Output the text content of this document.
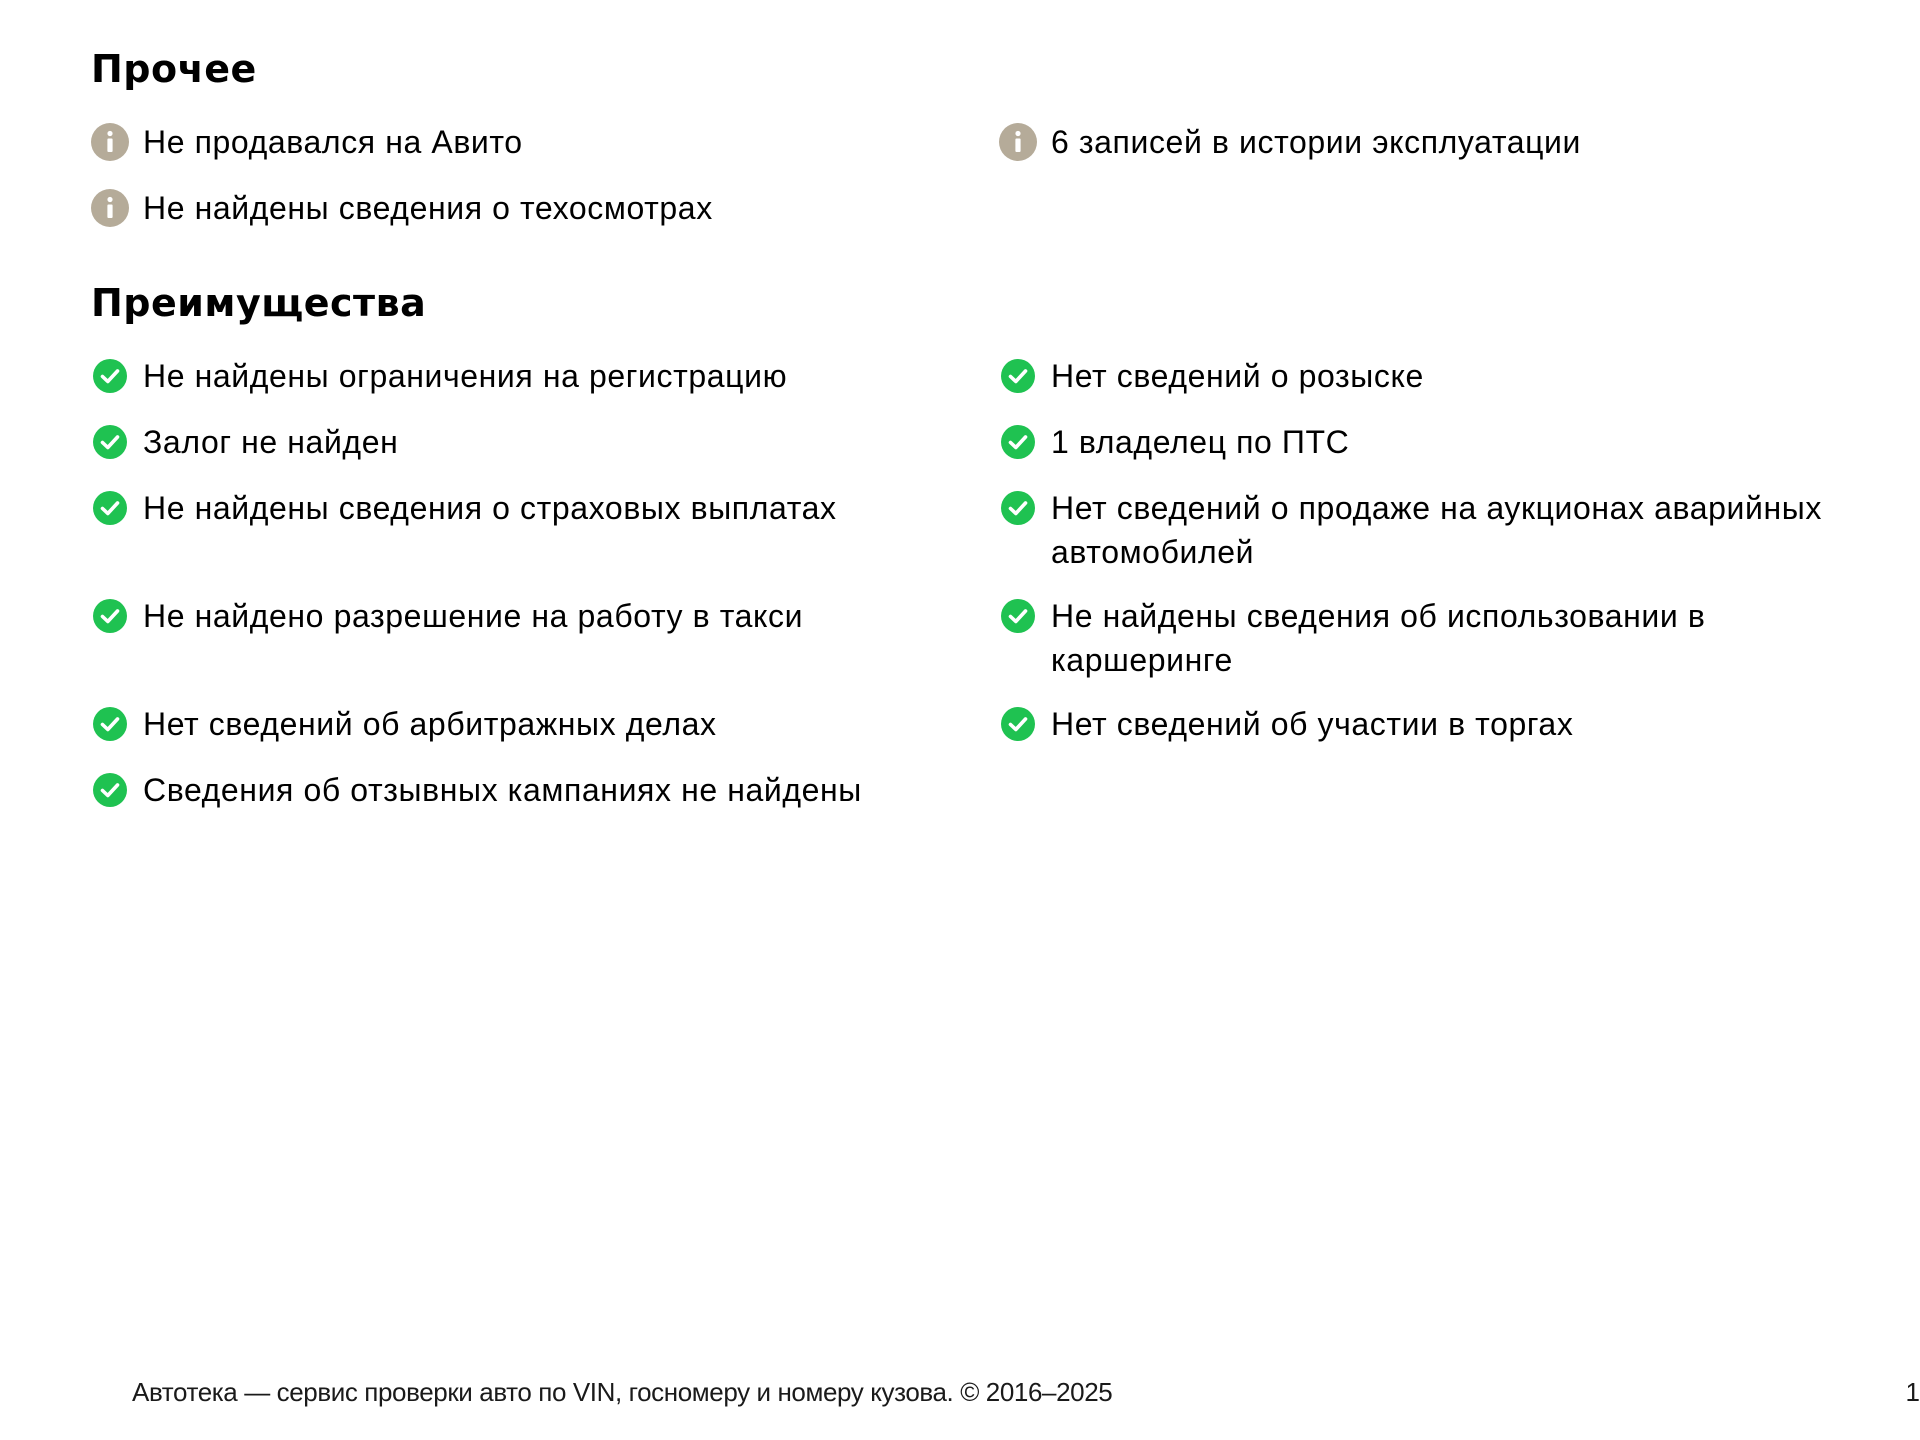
Прочее
Не продавался на Авито	6 записей в истории эксплуатации
Не найдены сведения о техосмотрах
Преимущества
Не найдены ограничения на регистрацию	Нет сведений о розыске
Залог не найден	1 владелец по ПТС
Не найдены сведения о страховых выплатах	Нет сведений о продаже на аукционах аварийных автомобилей
Не найдено разрешение на работу в такси	Не найдены сведения об использовании в каршеринге
Нет сведений об арбитражных делах	Нет сведений об участии в торгах
Сведения об отзывных кампаниях не найдены
Автотека — сервис проверки авто по VIN, госномеру и номеру кузова. © 2016–2025	1
